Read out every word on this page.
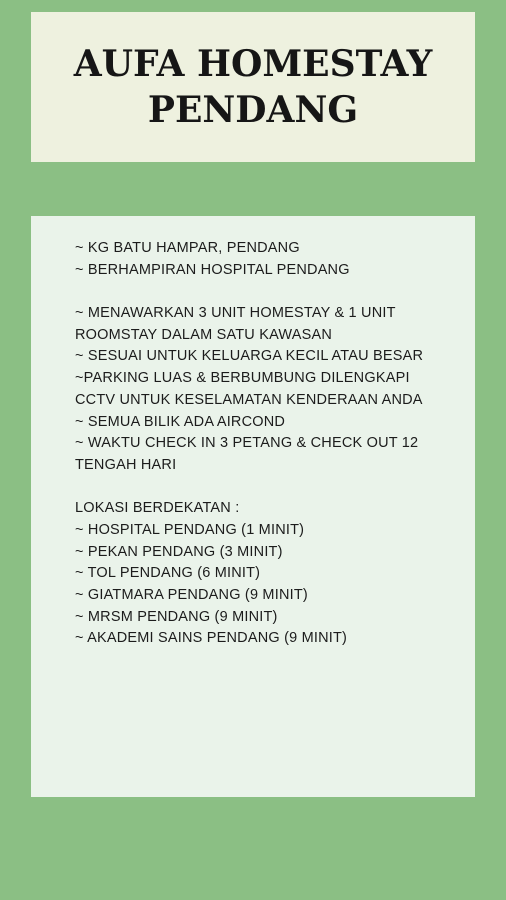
AUFA HOMESTAY
PENDANG
~ KG BATU HAMPAR, PENDANG
~ BERHAMPIRAN HOSPITAL PENDANG
~ MENAWARKAN 3 UNIT HOMESTAY & 1 UNIT
ROOMSTAY DALAM SATU KAWASAN
~ SESUAI UNTUK KELUARGA KECIL ATAU BESAR
~PARKING LUAS & BERBUMBUNG DILENGKAPI
CCTV UNTUK KESELAMATAN KENDERAAN ANDA
~ SEMUA BILIK ADA AIRCOND
~ WAKTU CHECK IN 3 PETANG & CHECK OUT 12
TENGAH HARI
LOKASI BERDEKATAN :
~ HOSPITAL PENDANG (1 MINIT)
~ PEKAN PENDANG (3 MINIT)
~ TOL PENDANG (6 MINIT)
~ GIATMARA PENDANG (9 MINIT)
~ MRSM PENDANG (9 MINIT)
~ AKADEMI SAINS PENDANG (9 MINIT)
